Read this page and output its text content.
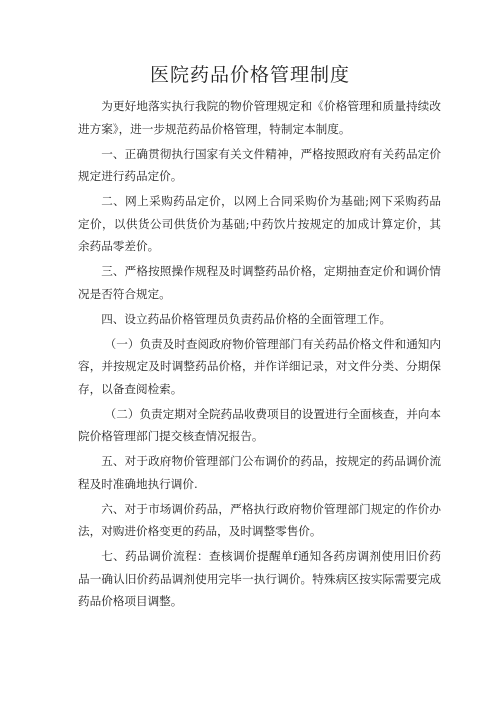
医院药品价格管理制度

为更好地落实执行我院的物价管理规定和《价格管理和质量持续改进方案》，进一步规范药品价格管理，特制定本制度。

一、正确贯彻执行国家有关文件精神，严格按照政府有关药品定价规定进行药品定价。

二、网上采购药品定价，以网上合同采购价为基础;网下采购药品定价，以供货公司供货价为基础;中药饮片按规定的加成计算定价，其余药品零差价。

三、严格按照操作规程及时调整药品价格，定期抽查定价和调价情况是否符合规定。

四、设立药品价格管理员负责药品价格的全面管理工作。

（一）负责及时查阅政府物价管理部门有关药品价格文件和通知内容，并按规定及时调整药品价格，并作详细记录，对文件分类、分期保存，以备查阅检索。

（二）负责定期对全院药品收费项目的设置进行全面核查，并向本院价格管理部门提交核查情况报告。

五、对于政府物价管理部门公布调价的药品，按规定的药品调价流程及时准确地执行调价.

六、对于市场调价药品，严格执行政府物价管理部门规定的作价办法，对购进价格变更的药品，及时调整零售价。

七、药品调价流程：查核调价提醒单f通知各药房调剂使用旧价药品一确认旧价药品调剂使用完毕一执行调价。特殊病区按实际需要完成药品价格项目调整。
